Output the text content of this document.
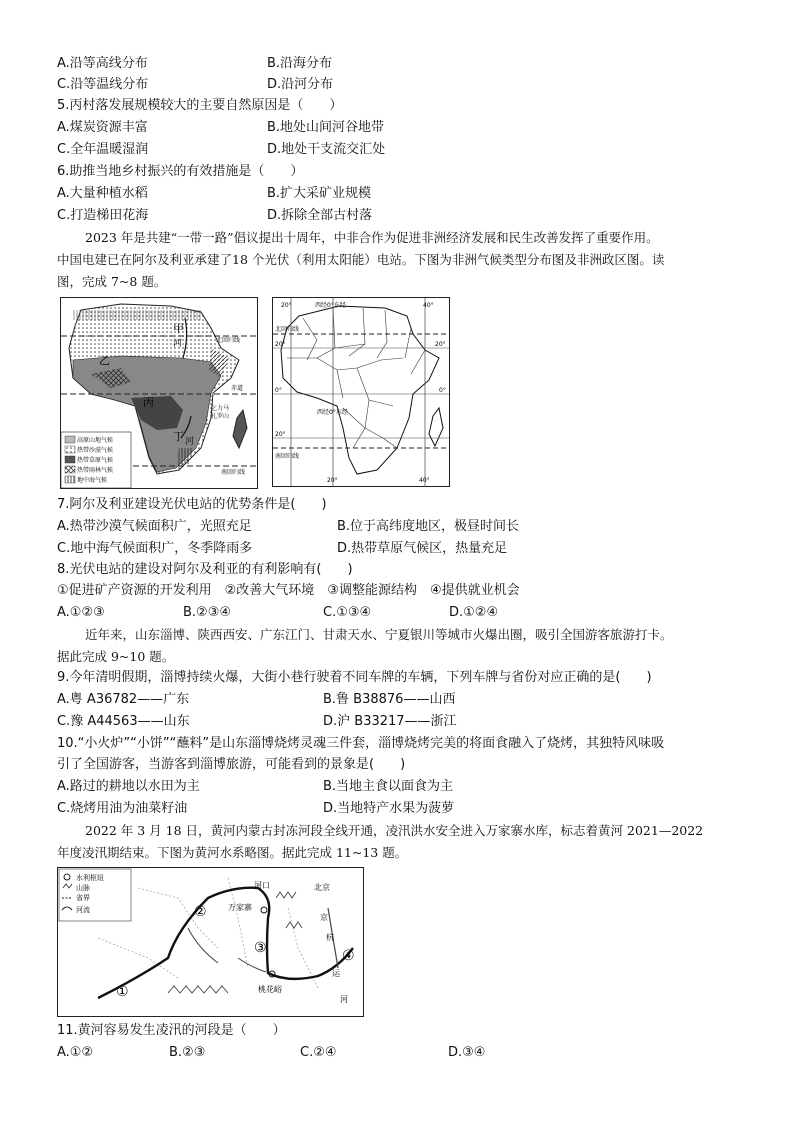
A.沿等高线分布	B.沿海分布
C.沿等温线分布	D.沿河分布
5.丙村落发展规模较大的主要自然原因是（　　）
A.煤炭资源丰富	B.地处山间河谷地带
C.全年温暖湿润	D.地处干支流交汇处
6.助推当地乡村振兴的有效措施是（　　）
A.大量种植水稻	B.扩大采矿业规模
C.打造梯田花海	D.拆除全部古村落
2023 年是共建“一带一路”倡议提出十周年，中非合作为促进非洲经济发展和民生改善发挥了重要作用。
中国电建已在阿尔及利亚承建了18 个光伏（利用太阳能）电站。下图为非洲气候类型分布图及非洲政区图。读
图，完成 7~8 题。
高原山地气候
热带沙漠气候
热带草原气候
热带雨林气候
地中海气候
甲
乙
丙
丁
河
河
北回归线
赤道
乞力马
扎罗山
南回归线
20°	西经0°东经	40°
北回归线
20°	20°
0°	0°
西经0°东经
20°
南回归线
20°	40°
7.阿尔及利亚建设光伏电站的优势条件是(　　)
A.热带沙漠气候面积广，光照充足	B.位于高纬度地区，极昼时间长
C.地中海气候面积广，冬季降雨多	D.热带草原气候区，热量充足
8.光伏电站的建设对阿尔及利亚的有利影响有(　　)
①促进矿产资源的开发利用　②改善大气环境　③调整能源结构　④提供就业机会
A.①②③	B.②③④	C.①③④	D.①②④
近年来，山东淄博、陕西西安、广东江门、甘肃天水、宁夏银川等城市火爆出圈，吸引全国游客旅游打卡。
据此完成 9~10 题。
9.今年清明假期，淄博持续火爆，大街小巷行驶着不同车牌的车辆，下列车牌与省份对应正确的是(　　)
A.粤 A36782——广东	B.鲁 B38876——山西
C.豫 A44563——山东	D.沪 B33217——浙江
10.“小火炉”“小饼”“蘸料”是山东淄博烧烤灵魂三件套，淄博烧烤完美的将面食融入了烧烤，其独特风味吸
引了全国游客，当游客到淄博旅游，可能看到的景象是(　　)
A.路过的耕地以水田为主	B.当地主食以面食为主
C.烧烤用油为油菜籽油	D.当地特产水果为菠萝
2022 年 3 月 18 日，黄河内蒙古封冻河段全线开通，凌汛洪水安全进入万家寨水库，标志着黄河 2021—2022
年度凌汛期结束。下图为黄河水系略图。据此完成 11~13 题。
水利枢纽
山脉
省界
河流
河口
万家寨
北京
京
杭
运
河
桃花峪
①
②
③	④
11.黄河容易发生凌汛的河段是（　　）
A.①②	B.②③	C.②④	D.③④
